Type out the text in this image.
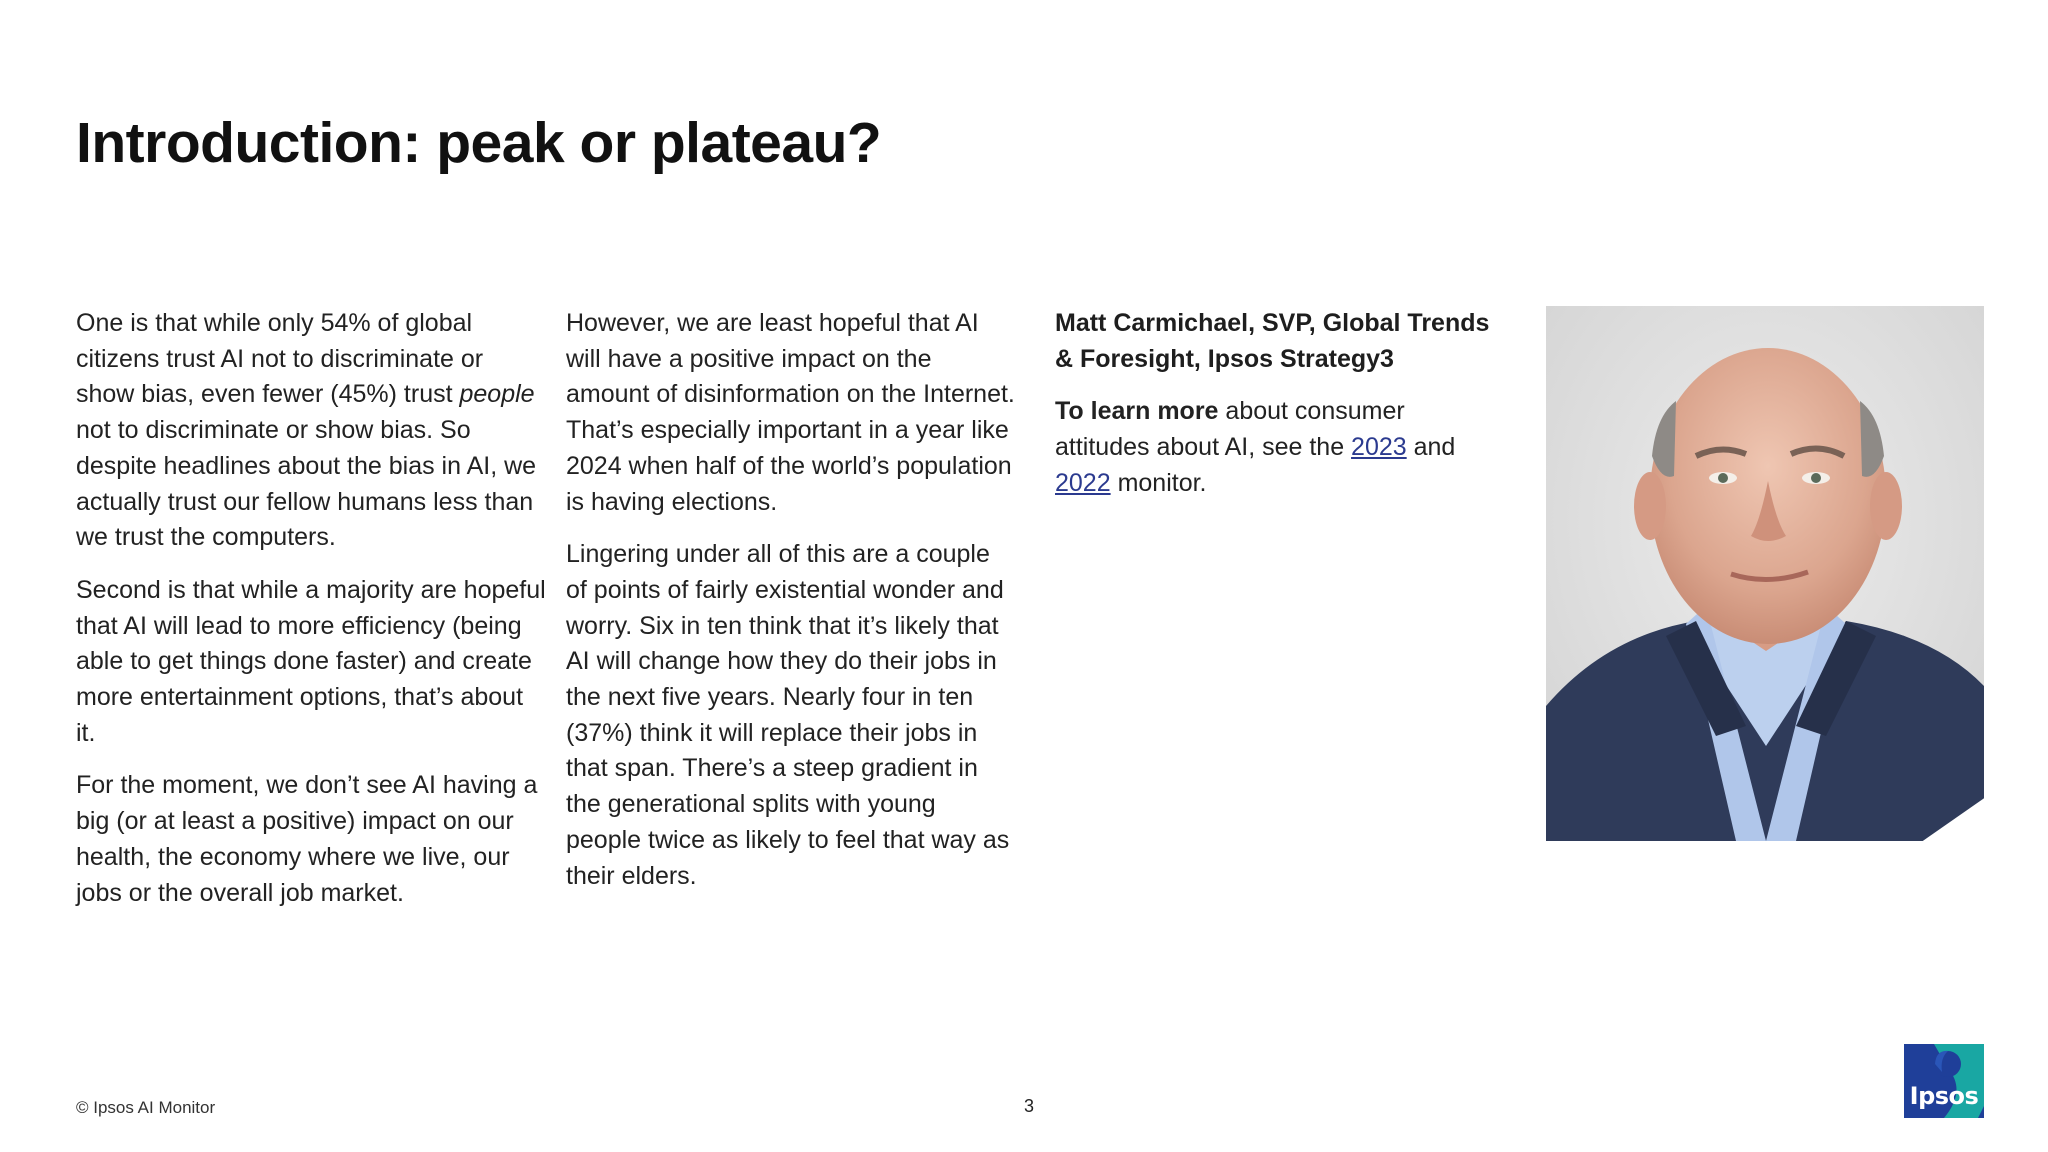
Introduction: peak or plateau?

One is that while only 54% of global citizens trust AI not to discriminate or show bias, even fewer (45%) trust people not to discriminate or show bias. So despite headlines about the bias in AI, we actually trust our fellow humans less than we trust the computers.

Second is that while a majority are hopeful that AI will lead to more efficiency (being able to get things done faster) and create more entertainment options, that’s about it.

For the moment, we don’t see AI having a big (or at least a positive) impact on our health, the economy where we live, our jobs or the overall job market.

However, we are least hopeful that AI will have a positive impact on the amount of disinformation on the Internet. That’s especially important in a year like 2024 when half of the world’s population is having elections.

Lingering under all of this are a couple of points of fairly existential wonder and worry. Six in ten think that it’s likely that AI will change how they do their jobs in the next five years. Nearly four in ten (37%) think it will replace their jobs in that span. There’s a steep gradient in the generational splits with young people twice as likely to feel that way as their elders.

Matt Carmichael, SVP, Global Trends & Foresight, Ipsos Strategy3

To learn more about consumer attitudes about AI, see the 2023 and 2022 monitor.

© Ipsos AI Monitor	3	Ipsos
